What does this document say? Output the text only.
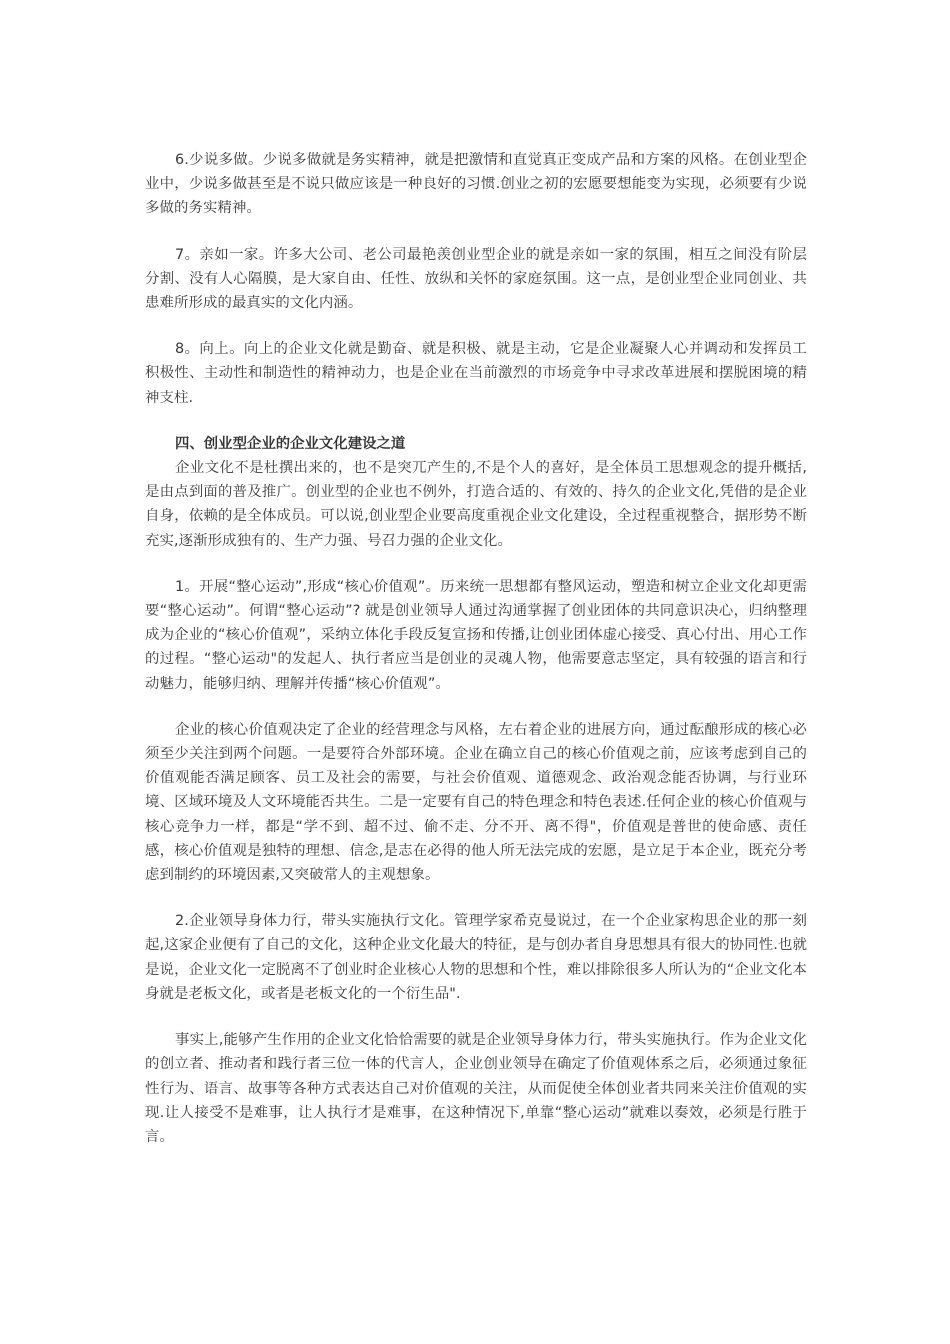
6.少说多做。少说多做就是务实精神，就是把激情和直觉真正变成产品和方案的风格。在创业型企业中，少说多做甚至是不说只做应该是一种良好的习惯.创业之初的宏愿要想能变为实现，必须要有少说多做的务实精神。

7。亲如一家。许多大公司、老公司最艳羡创业型企业的就是亲如一家的氛围，相互之间没有阶层分割、没有人心隔膜，是大家自由、任性、放纵和关怀的家庭氛围。这一点，是创业型企业同创业、共患难所形成的最真实的文化内涵。

8。向上。向上的企业文化就是勤奋、就是积极、就是主动，它是企业凝聚人心并调动和发挥员工积极性、主动性和制造性的精神动力，也是企业在当前激烈的市场竞争中寻求改革进展和摆脱困境的精神支柱.

四、创业型企业的企业文化建设之道

企业文化不是杜撰出来的，也不是突兀产生的,不是个人的喜好，是全体员工思想观念的提升概括,是由点到面的普及推广。创业型的企业也不例外，打造合适的、有效的、持久的企业文化,凭借的是企业自身，依赖的是全体成员。可以说,创业型企业要高度重视企业文化建设，全过程重视整合，据形势不断充实,逐渐形成独有的、生产力强、号召力强的企业文化。

1。开展“整心运动”,形成“核心价值观”。历来统一思想都有整风运动，塑造和树立企业文化却更需要“整心运动”。何谓“整心运动”? 就是创业领导人通过沟通掌握了创业团体的共同意识决心，归纳整理成为企业的“核心价值观”，采纳立体化手段反复宣扬和传播,让创业团体虚心接受、真心付出、用心工作的过程。“整心运动"的发起人、执行者应当是创业的灵魂人物，他需要意志坚定，具有较强的语言和行动魅力，能够归纳、理解并传播“核心价值观”。

企业的核心价值观决定了企业的经营理念与风格，左右着企业的进展方向，通过酝酿形成的核心必须至少关注到两个问题。一是要符合外部环境。企业在确立自己的核心价值观之前，应该考虑到自己的价值观能否满足顾客、员工及社会的需要，与社会价值观、道德观念、政治观念能否协调，与行业环境、区域环境及人文环境能否共生。二是一定要有自己的特色理念和特色表述.任何企业的核心价值观与核心竞争力一样，都是“学不到、超不过、偷不走、分不开、离不得"，价值观是普世的使命感、责任感，核心价值观是独特的理想、信念,是志在必得的他人所无法完成的宏愿，是立足于本企业，既充分考虑到制约的环境因素,又突破常人的主观想象。

2.企业领导身体力行，带头实施执行文化。管理学家希克曼说过，在一个企业家构思企业的那一刻起,这家企业便有了自己的文化，这种企业文化最大的特征，是与创办者自身思想具有很大的协同性.也就是说，企业文化一定脱离不了创业时企业核心人物的思想和个性，难以排除很多人所认为的“企业文化本身就是老板文化，或者是老板文化的一个衍生品".

事实上,能够产生作用的企业文化恰恰需要的就是企业领导身体力行，带头实施执行。作为企业文化的创立者、推动者和践行者三位一体的代言人，企业创业领导在确定了价值观体系之后，必须通过象征性行为、语言、故事等各种方式表达自己对价值观的关注，从而促使全体创业者共同来关注价值观的实现.让人接受不是难事，让人执行才是难事，在这种情况下,单靠“整心运动”就难以奏效，必须是行胜于言。
